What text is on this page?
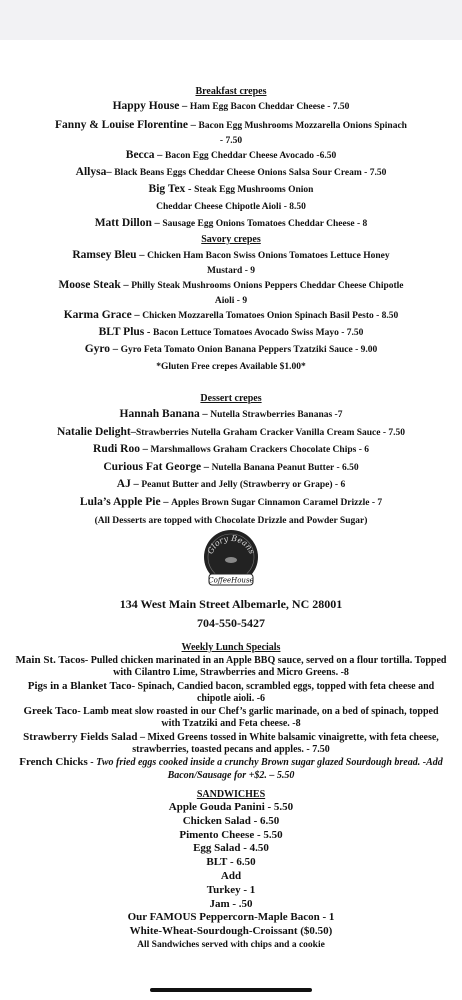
Breakfast crepes
Happy House – Ham Egg Bacon Cheddar Cheese - 7.50
Fanny & Louise Florentine – Bacon Egg Mushrooms Mozzarella Onions Spinach
- 7.50
Becca – Bacon Egg Cheddar Cheese Avocado -6.50
Allysa– Black Beans Eggs Cheddar Cheese Onions Salsa Sour Cream - 7.50
Big Tex - Steak Egg Mushrooms Onion
Cheddar Cheese Chipotle Aioli - 8.50
Matt Dillon – Sausage Egg Onions Tomatoes Cheddar Cheese - 8
Savory crepes
Ramsey Bleu – Chicken Ham Bacon Swiss Onions Tomatoes Lettuce Honey
Mustard - 9
Moose Steak – Philly Steak Mushrooms Onions Peppers Cheddar Cheese Chipotle
Aioli - 9
Karma Grace – Chicken Mozzarella Tomatoes Onion Spinach Basil Pesto - 8.50
BLT Plus - Bacon Lettuce Tomatoes Avocado Swiss Mayo - 7.50
Gyro – Gyro Feta Tomato Onion Banana Peppers Tzatziki Sauce - 9.00
*Gluten Free crepes Available $1.00*
Dessert crepes
Hannah Banana – Nutella Strawberries Bananas -7
Natalie Delight–Strawberries Nutella Graham Cracker Vanilla Cream Sauce - 7.50
Rudi Roo – Marshmallows Graham Crackers Chocolate Chips - 6
Curious Fat George – Nutella Banana Peanut Butter - 6.50
AJ – Peanut Butter and Jelly (Strawberry or Grape) - 6
Lula’s Apple Pie – Apples Brown Sugar Cinnamon Caramel Drizzle - 7
(All Desserts are topped with Chocolate Drizzle and Powder Sugar)
Glory Beans
CoffeeHouse
134 West Main Street Albemarle, NC 28001
704-550-5427
Weekly Lunch Specials
Main St. Tacos- Pulled chicken marinated in an Apple BBQ sauce, served on a flour tortilla. Topped with Cilantro Lime, Strawberries and Micro Greens. -8
Pigs in a Blanket Taco- Spinach, Candied bacon, scrambled eggs, topped with feta cheese and chipotle aioli. -6
Greek Taco- Lamb meat slow roasted in our Chef’s garlic marinade, on a bed of spinach, topped with Tzatziki and Feta cheese. -8
Strawberry Fields Salad – Mixed Greens tossed in White balsamic vinaigrette, with feta cheese, strawberries, toasted pecans and apples. - 7.50
French Chicks - Two fried eggs cooked inside a crunchy Brown sugar glazed Sourdough bread. -Add Bacon/Sausage for +$2. – 5.50
SANDWICHES
Apple Gouda Panini - 5.50
Chicken Salad - 6.50
Pimento Cheese - 5.50
Egg Salad - 4.50
BLT - 6.50
Add
Turkey - 1
Jam - .50
Our FAMOUS Peppercorn-Maple Bacon - 1
White-Wheat-Sourdough-Croissant ($0.50)
All Sandwiches served with chips and a cookie
